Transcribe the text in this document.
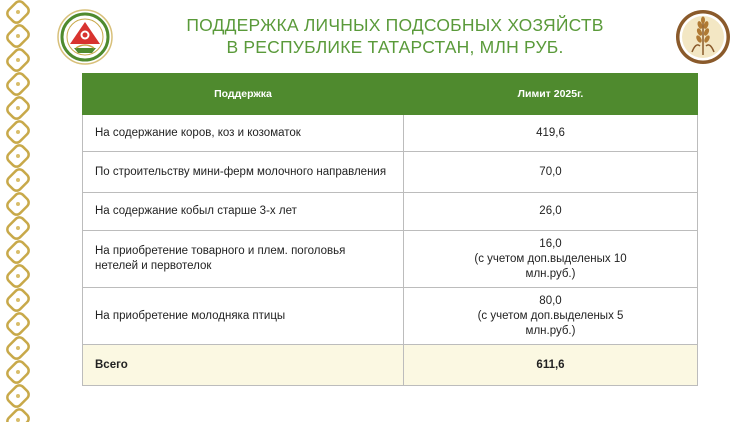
ПОДДЕРЖКА ЛИЧНЫХ ПОДСОБНЫХ ХОЗЯЙСТВ
В РЕСПУБЛИКЕ ТАТАРСТАН, МЛН РУБ.
Поддержка	Лимит 2025г.
На содержание коров, коз и козоматок	419,6

По строительству мини-ферм молочного направления	70,0

На содержание кобыл старше 3-х лет	26,0

На приобретение товарного и плем. поголовья нетелей и первотелок	16,0
(с учетом доп.выделеных 10 млн.руб.)

На приобретение молодняка птицы	80,0
(с учетом доп.выделеных 5 млн.руб.)

Всего	611,6
